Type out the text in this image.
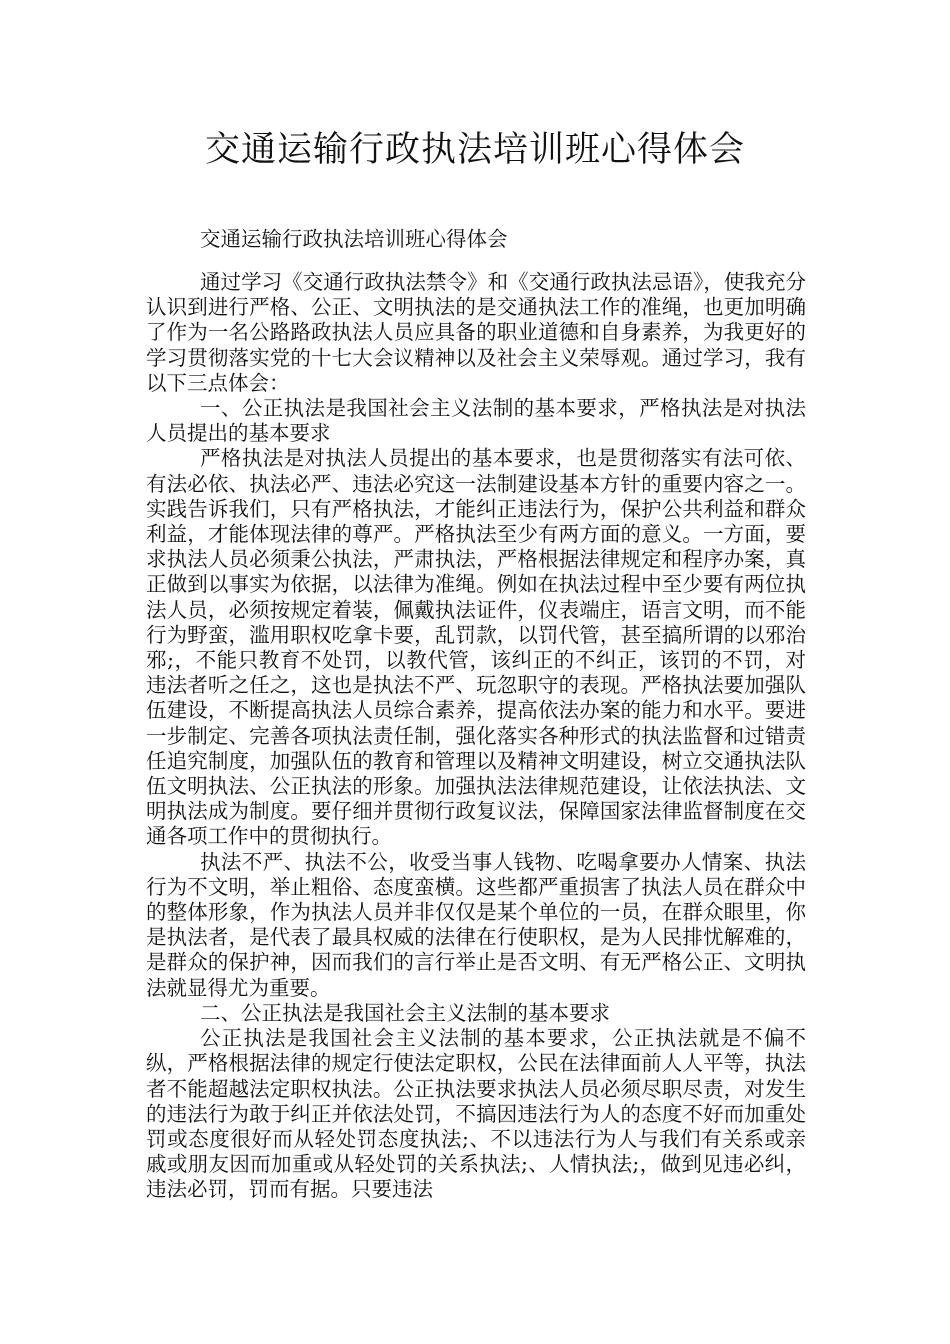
交通运输行政执法培训班心得体会

交通运输行政执法培训班心得体会

通过学习《交通行政执法禁令》和《交通行政执法忌语》，使我充分认识到进行严格、公正、文明执法的是交通执法工作的准绳，也更加明确了作为一名公路路政执法人员应具备的职业道德和自身素养，为我更好的学习贯彻落实党的十七大会议精神以及社会主义荣辱观。通过学习，我有以下三点体会：

一、公正执法是我国社会主义法制的基本要求，严格执法是对执法人员提出的基本要求

严格执法是对执法人员提出的基本要求，也是贯彻落实有法可依、有法必依、执法必严、违法必究这一法制建设基本方针的重要内容之一。实践告诉我们，只有严格执法，才能纠正违法行为，保护公共利益和群众利益，才能体现法律的尊严。严格执法至少有两方面的意义。一方面，要求执法人员必须秉公执法，严肃执法，严格根据法律规定和程序办案，真正做到以事实为依据，以法律为准绳。例如在执法过程中至少要有两位执法人员，必须按规定着装，佩戴执法证件，仪表端庄，语言文明，而不能行为野蛮，滥用职权吃拿卡要，乱罚款，以罚代管，甚至搞所谓的以邪治邪;，不能只教育不处罚，以教代管，该纠正的不纠正，该罚的不罚，对违法者听之任之，这也是执法不严、玩忽职守的表现。严格执法要加强队伍建设，不断提高执法人员综合素养，提高依法办案的能力和水平。要进一步制定、完善各项执法责任制，强化落实各种形式的执法监督和过错责任追究制度，加强队伍的教育和管理以及精神文明建设，树立交通执法队伍文明执法、公正执法的形象。加强执法法律规范建设，让依法执法、文明执法成为制度。要仔细并贯彻行政复议法，保障国家法律监督制度在交通各项工作中的贯彻执行。

执法不严、执法不公，收受当事人钱物、吃喝拿要办人情案、执法行为不文明，举止粗俗、态度蛮横。这些都严重损害了执法人员在群众中的整体形象，作为执法人员并非仅仅是某个单位的一员，在群众眼里，你是执法者，是代表了最具权威的法律在行使职权，是为人民排忧解难的，是群众的保护神，因而我们的言行举止是否文明、有无严格公正、文明执法就显得尤为重要。

二、公正执法是我国社会主义法制的基本要求

公正执法是我国社会主义法制的基本要求，公正执法就是不偏不纵，严格根据法律的规定行使法定职权，公民在法律面前人人平等，执法者不能超越法定职权执法。公正执法要求执法人员必须尽职尽责，对发生的违法行为敢于纠正并依法处罚，不搞因违法行为人的态度不好而加重处罚或态度很好而从轻处罚态度执法;、不以违法行为人与我们有关系或亲戚或朋友因而加重或从轻处罚的关系执法;、人情执法;，做到见违必纠，违法必罚，罚而有据。只要违法
